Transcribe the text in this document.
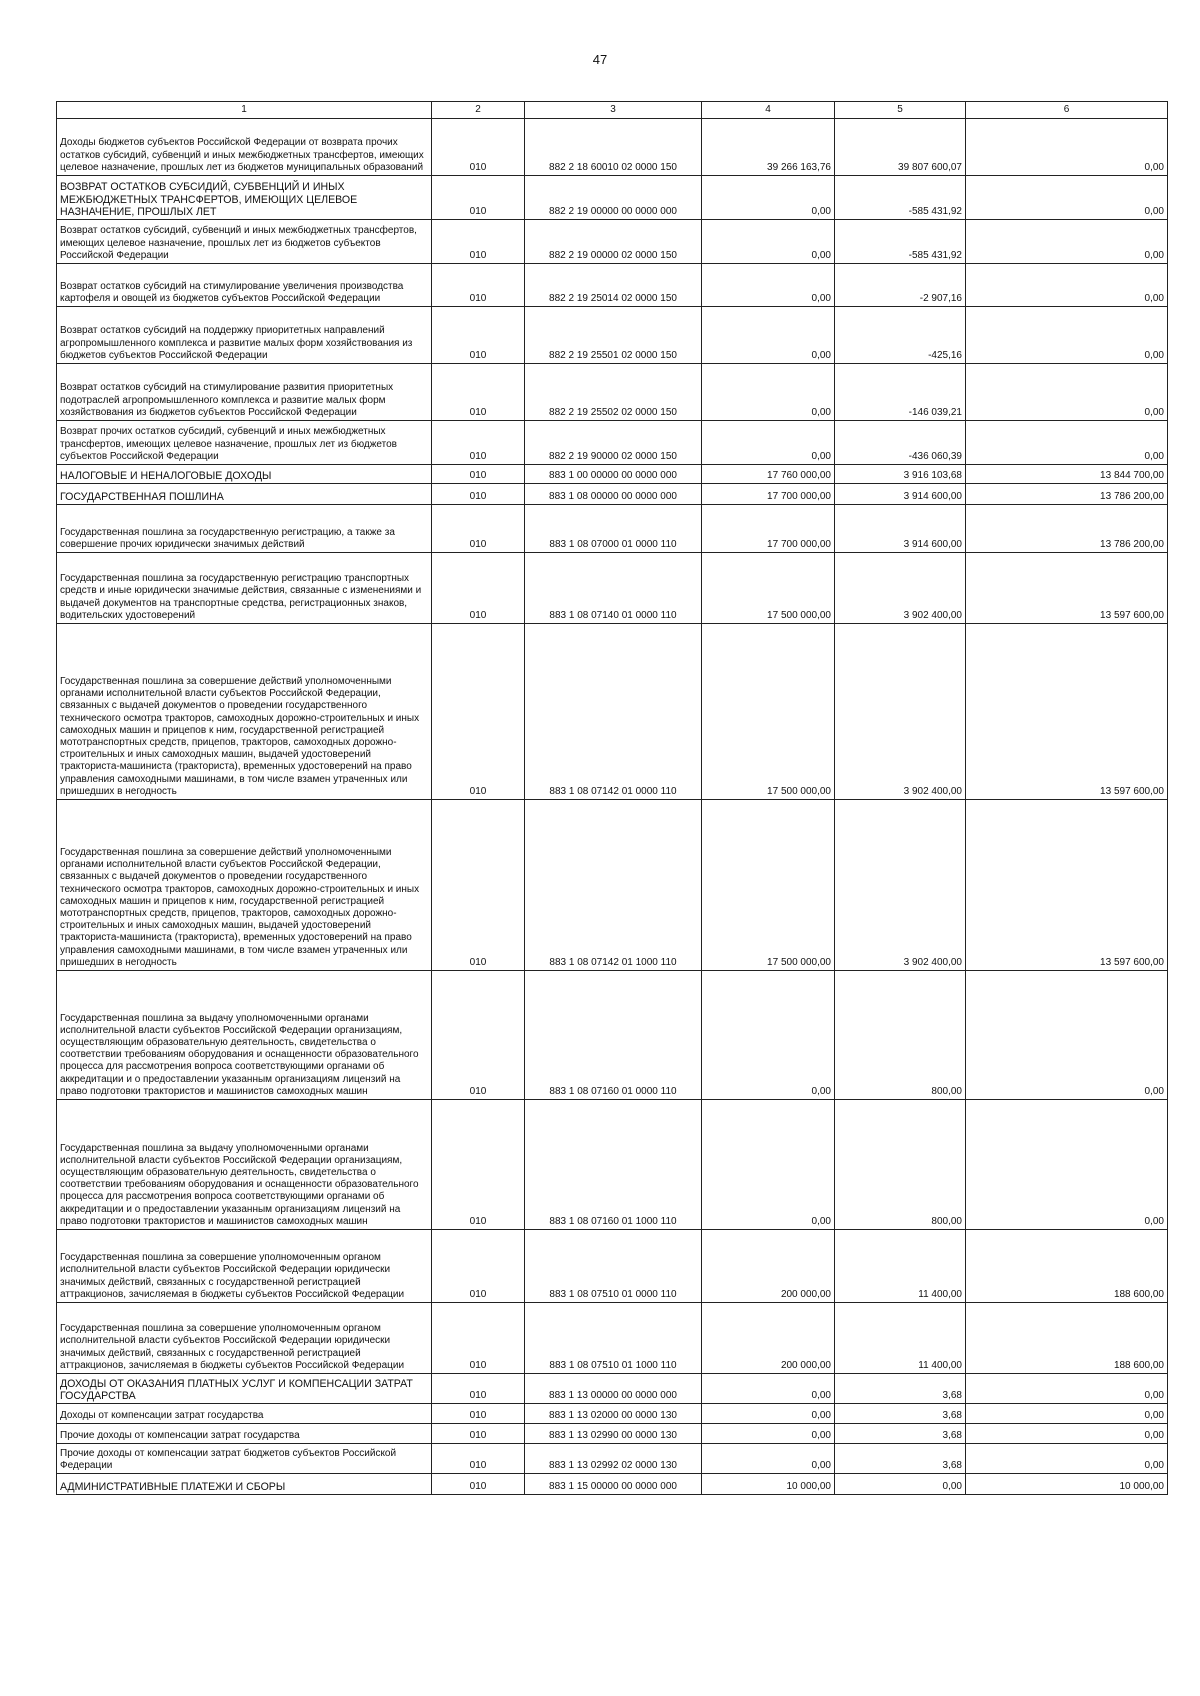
47
1	2	3	4	5	6
Доходы бюджетов субъектов Российской Федерации от возврата прочих остатков субсидий, субвенций и иных межбюджетных трансфертов, имеющих целевое назначение, прошлых лет из бюджетов муниципальных образований	010	882 2 18 60010 02 0000 150	39 266 163,76	39 807 600,07	0,00
ВОЗВРАТ ОСТАТКОВ СУБСИДИЙ, СУБВЕНЦИЙ И ИНЫХ МЕЖБЮДЖЕТНЫХ ТРАНСФЕРТОВ, ИМЕЮЩИХ ЦЕЛЕВОЕ НАЗНАЧЕНИЕ, ПРОШЛЫХ ЛЕТ	010	882 2 19 00000 00 0000 000	0,00	-585 431,92	0,00
Возврат остатков субсидий, субвенций и иных межбюджетных трансфертов, имеющих целевое назначение, прошлых лет из бюджетов субъектов Российской Федерации	010	882 2 19 00000 02 0000 150	0,00	-585 431,92	0,00
Возврат остатков субсидий на стимулирование увеличения производства картофеля и овощей из бюджетов субъектов Российской Федерации	010	882 2 19 25014 02 0000 150	0,00	-2 907,16	0,00
Возврат остатков субсидий на поддержку приоритетных направлений агропромышленного комплекса и развитие малых форм хозяйствования из бюджетов субъектов Российской Федерации	010	882 2 19 25501 02 0000 150	0,00	-425,16	0,00
Возврат остатков субсидий на стимулирование развития приоритетных подотраслей агропромышленного комплекса и развитие малых форм хозяйствования из бюджетов субъектов Российской Федерации	010	882 2 19 25502 02 0000 150	0,00	-146 039,21	0,00
Возврат прочих остатков субсидий, субвенций и иных межбюджетных трансфертов, имеющих целевое назначение, прошлых лет из бюджетов субъектов Российской Федерации	010	882 2 19 90000 02 0000 150	0,00	-436 060,39	0,00
НАЛОГОВЫЕ И НЕНАЛОГОВЫЕ ДОХОДЫ	010	883 1 00 00000 00 0000 000	17 760 000,00	3 916 103,68	13 844 700,00
ГОСУДАРСТВЕННАЯ ПОШЛИНА	010	883 1 08 00000 00 0000 000	17 700 000,00	3 914 600,00	13 786 200,00
Государственная пошлина за государственную регистрацию, а также за совершение прочих юридически значимых действий	010	883 1 08 07000 01 0000 110	17 700 000,00	3 914 600,00	13 786 200,00
Государственная пошлина за государственную регистрацию транспортных средств и иные юридически значимые действия, связанные с изменениями и выдачей документов на транспортные средства, регистрационных знаков, водительских удостоверений	010	883 1 08 07140 01 0000 110	17 500 000,00	3 902 400,00	13 597 600,00
Государственная пошлина за совершение действий уполномоченными органами исполнительной власти субъектов Российской Федерации, связанных с выдачей документов о проведении государственного технического осмотра тракторов, самоходных дорожно-строительных и иных самоходных машин и прицепов к ним, государственной регистрацией мототранспортных средств, прицепов, тракторов, самоходных дорожно-строительных и иных самоходных машин, выдачей удостоверений тракториста-машиниста (тракториста), временных удостоверений на право управления самоходными машинами, в том числе взамен утраченных или пришедших в негодность	010	883 1 08 07142 01 0000 110	17 500 000,00	3 902 400,00	13 597 600,00
Государственная пошлина за совершение действий уполномоченными органами исполнительной власти субъектов Российской Федерации, связанных с выдачей документов о проведении государственного технического осмотра тракторов, самоходных дорожно-строительных и иных самоходных машин и прицепов к ним, государственной регистрацией мототранспортных средств, прицепов, тракторов, самоходных дорожно-строительных и иных самоходных машин, выдачей удостоверений тракториста-машиниста (тракториста), временных удостоверений на право управления самоходными машинами, в том числе взамен утраченных или пришедших в негодность	010	883 1 08 07142 01 1000 110	17 500 000,00	3 902 400,00	13 597 600,00
Государственная пошлина за выдачу уполномоченными органами исполнительной власти субъектов Российской Федерации организациям, осуществляющим образовательную деятельность, свидетельства о соответствии требованиям оборудования и оснащенности образовательного процесса для рассмотрения вопроса соответствующими органами об аккредитации и о предоставлении указанным организациям лицензий на право подготовки трактористов и машинистов самоходных машин	010	883 1 08 07160 01 0000 110	0,00	800,00	0,00
Государственная пошлина за выдачу уполномоченными органами исполнительной власти субъектов Российской Федерации организациям, осуществляющим образовательную деятельность, свидетельства о соответствии требованиям оборудования и оснащенности образовательного процесса для рассмотрения вопроса соответствующими органами об аккредитации и о предоставлении указанным организациям лицензий на право подготовки трактористов и машинистов самоходных машин	010	883 1 08 07160 01 1000 110	0,00	800,00	0,00
Государственная пошлина за совершение уполномоченным органом исполнительной власти субъектов Российской Федерации юридически значимых действий, связанных с государственной регистрацией аттракционов, зачисляемая в бюджеты субъектов Российской Федерации	010	883 1 08 07510 01 0000 110	200 000,00	11 400,00	188 600,00
Государственная пошлина за совершение уполномоченным органом исполнительной власти субъектов Российской Федерации юридически значимых действий, связанных с государственной регистрацией аттракционов, зачисляемая в бюджеты субъектов Российской Федерации	010	883 1 08 07510 01 1000 110	200 000,00	11 400,00	188 600,00
ДОХОДЫ ОТ ОКАЗАНИЯ ПЛАТНЫХ УСЛУГ И КОМПЕНСАЦИИ ЗАТРАТ ГОСУДАРСТВА	010	883 1 13 00000 00 0000 000	0,00	3,68	0,00
Доходы от компенсации затрат государства	010	883 1 13 02000 00 0000 130	0,00	3,68	0,00
Прочие доходы от компенсации затрат государства	010	883 1 13 02990 00 0000 130	0,00	3,68	0,00
Прочие доходы от компенсации затрат бюджетов субъектов Российской Федерации	010	883 1 13 02992 02 0000 130	0,00	3,68	0,00
АДМИНИСТРАТИВНЫЕ ПЛАТЕЖИ И СБОРЫ	010	883 1 15 00000 00 0000 000	10 000,00	0,00	10 000,00
